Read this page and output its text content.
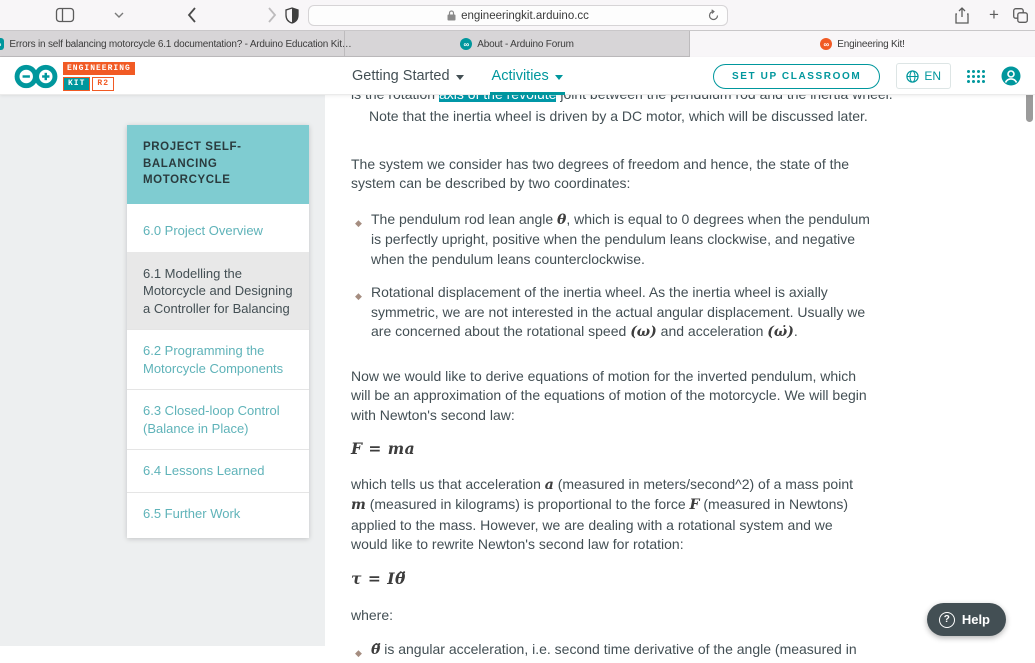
engineeringkit.arduino.cc	+
Errors in self balancing motorcycle 6.1 documentation? - Arduino Education Kit…	∞ About - Arduino Forum	∞ Engineering Kit!
ENGINEERING
KIT	R2	Getting Started	Activities	SET UP CLASSROOM	EN
PROJECT SELF-BALANCING MOTORCYCLE
6.0 Project Overview
6.1 Modelling the Motorcycle and Designing a Controller for Balancing
6.2 Programming the Motorcycle Components
6.3 Closed-loop Control (Balance in Place)
6.4 Lessons Learned
6.5 Further Work

Note that the inertia wheel is driven by a DC motor, which will be discussed later.

The system we consider has two degrees of freedom and hence, the state of the system can be described by two coordinates:

◆ The pendulum rod lean angle θ, which is equal to 0 degrees when the pendulum is perfectly upright, positive when the pendulum leans clockwise, and negative when the pendulum leans counterclockwise.
◆ Rotational displacement of the inertia wheel. As the inertia wheel is axially symmetric, we are not interested in the actual angular displacement. Usually we are concerned about the rotational speed (ω) and acceleration (ω̇).

Now we would like to derive equations of motion for the inverted pendulum, which will be an approximation of the equations of motion of the motorcycle. We will begin with Newton's second law:

F = ma

which tells us that acceleration a (measured in meters/second^2) of a mass point m (measured in kilograms) is proportional to the force F (measured in Newtons) applied to the mass. However, we are dealing with a rotational system and we would like to rewrite Newton's second law for rotation:

τ = Iθ̈

where:

◆ θ̈ is angular acceleration, i.e. second time derivative of the angle (measured in
? Help
